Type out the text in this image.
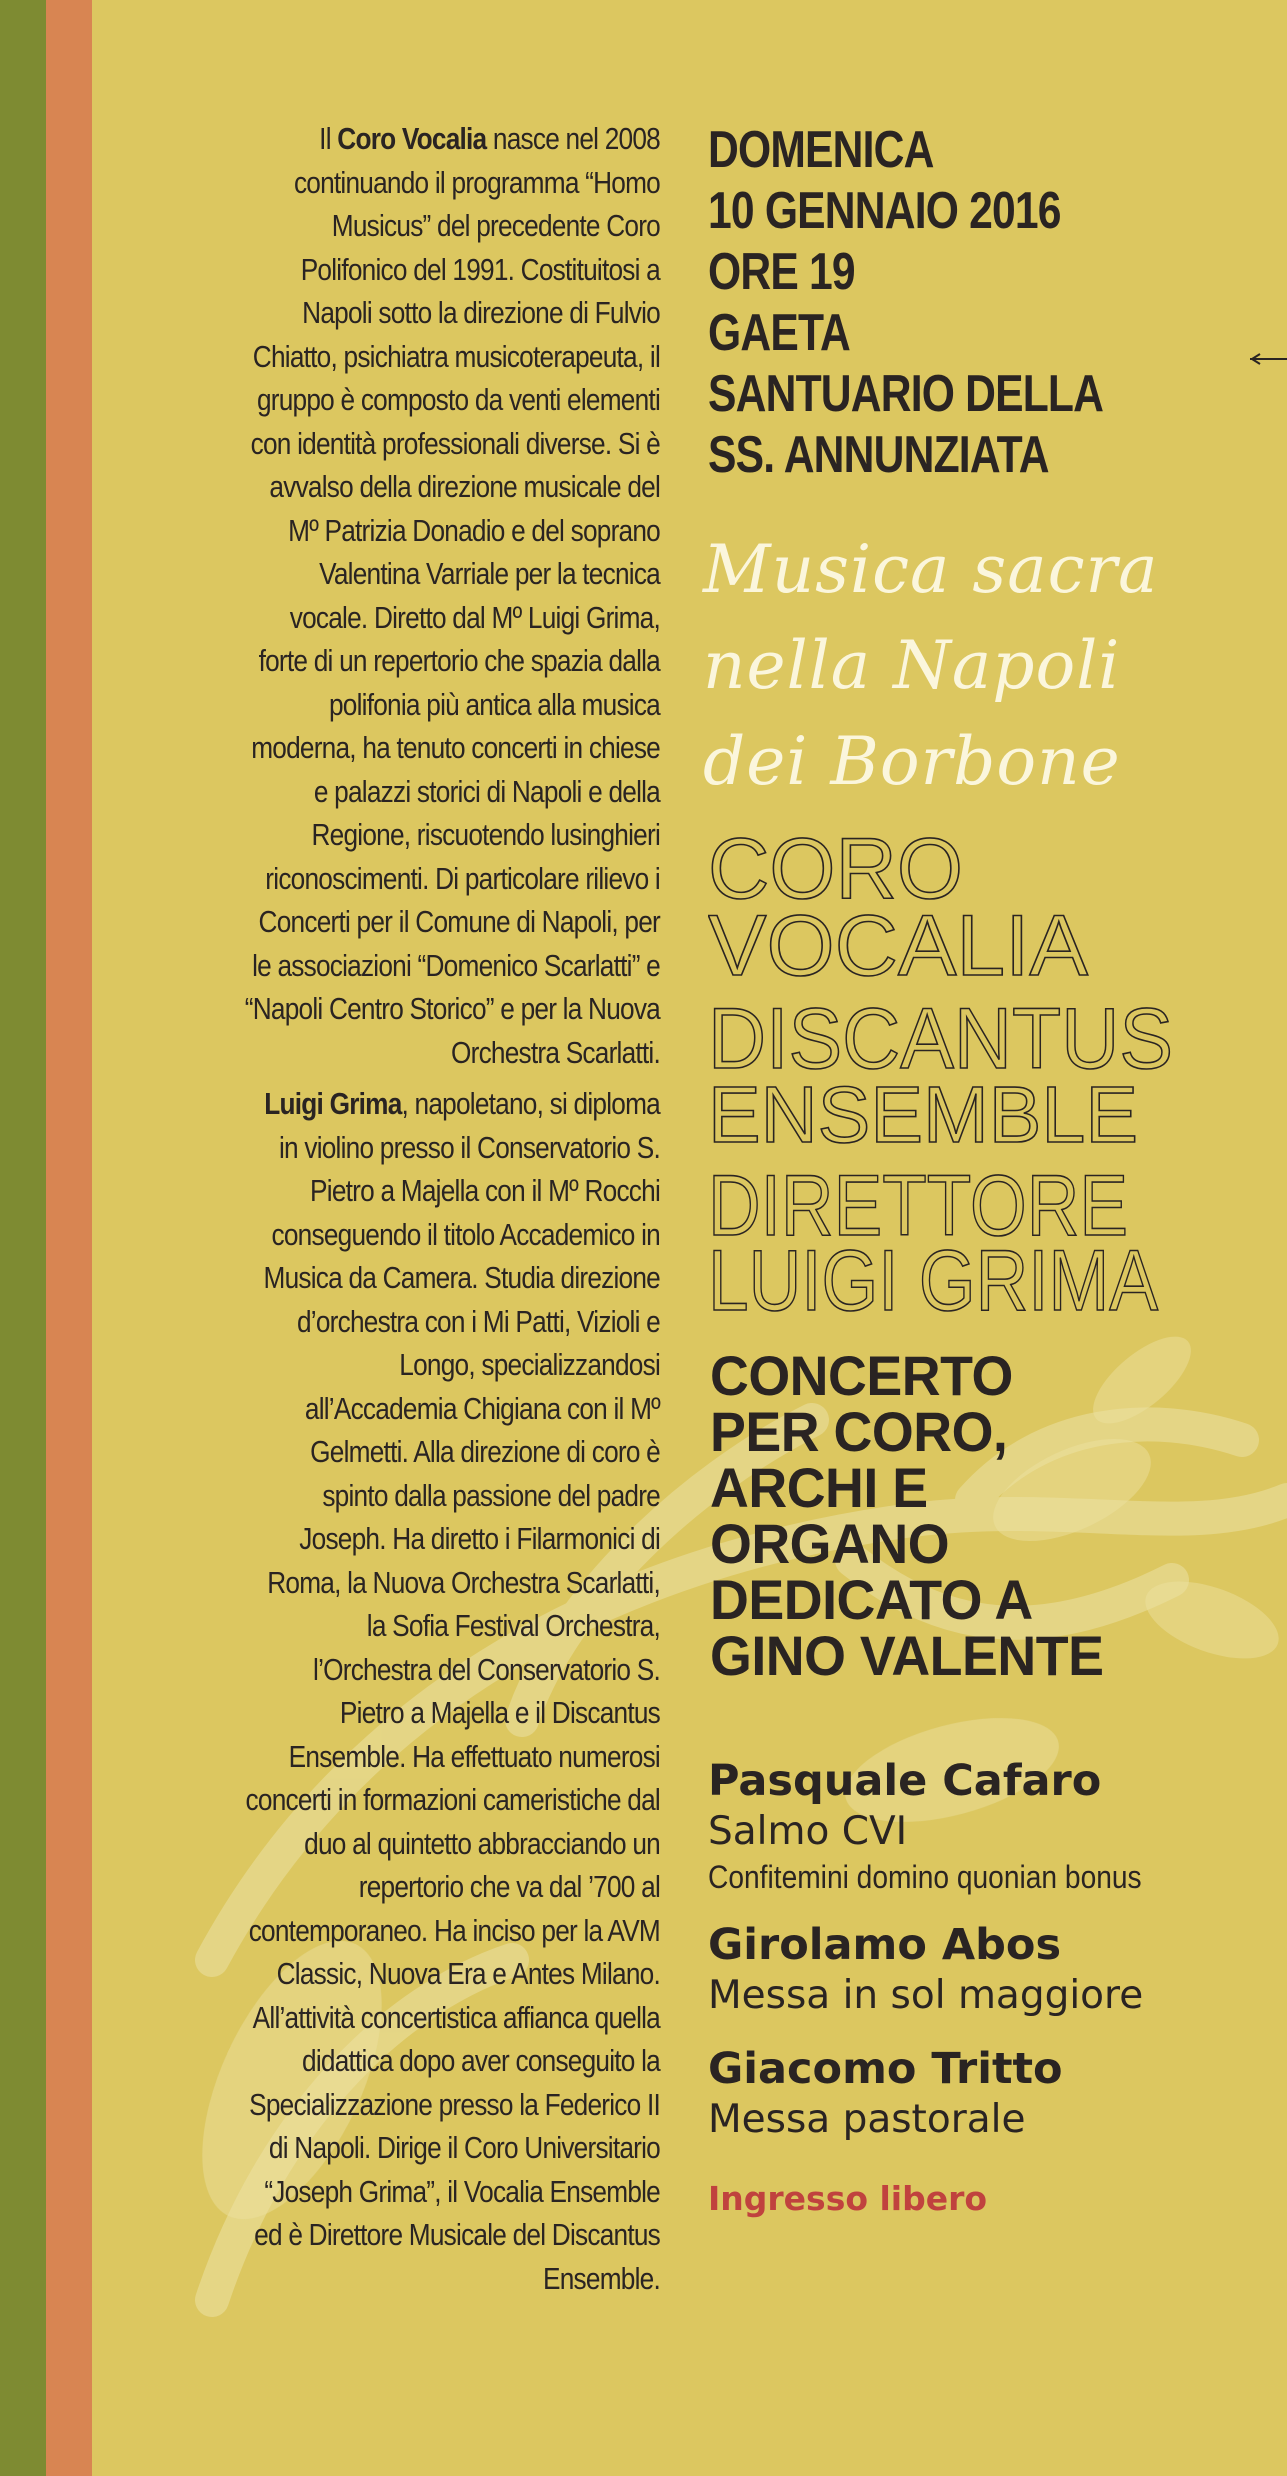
Il Coro Vocalia nasce nel 2008 continuando il programma “Homo Musicus” del precedente Coro Polifonico del 1991. Costituitosi a Napoli sotto la direzione di Fulvio Chiatto, psichiatra musicoterapeuta, il gruppo è composto da venti elementi con identità professionali diverse. Si è avvalso della direzione musicale del Mº Patrizia Donadio e del soprano Valentina Varriale per la tecnica vocale. Diretto dal Mº Luigi Grima, forte di un repertorio che spazia dalla polifonia più antica alla musica moderna, ha tenuto concerti in chiese e palazzi storici di Napoli e della Regione, riscuotendo lusinghieri riconoscimenti. Di particolare rilievo i Concerti per il Comune di Napoli, per le associazioni “Domenico Scarlatti” e “Napoli Centro Storico” e per la Nuova Orchestra Scarlatti.

Luigi Grima, napoletano, si diploma in violino presso il Conservatorio S. Pietro a Majella con il Mº Rocchi conseguendo il titolo Accademico in Musica da Camera. Studia direzione d’orchestra con i Mi Patti, Vizioli e Longo, specializzandosi all’Accademia Chigiana con il Mº Gelmetti. Alla direzione di coro è spinto dalla passione del padre Joseph. Ha diretto i Filarmonici di Roma, la Nuova Orchestra Scarlatti, la Sofia Festival Orchestra, l’Orchestra del Conservatorio S. Pietro a Majella e il Discantus Ensemble. Ha effettuato numerosi concerti in formazioni cameristiche dal duo al quintetto abbracciando un repertorio che va dal ’700 al contemporaneo. Ha inciso per la AVM Classic, Nuova Era e Antes Milano. All’attività concertistica affianca quella didattica dopo aver conseguito la Specializzazione presso la Federico II di Napoli. Dirige il Coro Universitario “Joseph Grima”, il Vocalia Ensemble ed è Direttore Musicale del Discantus Ensemble.

DOMENICA
10 GENNAIO 2016
ORE 19
GAETA
SANTUARIO DELLA
SS. ANNUNZIATA
Musica sacra
nella Napoli
dei Borbone
CORO
VOCALIA
DISCANTUS
ENSEMBLE
DIRETTORE
LUIGI GRIMA
CONCERTO
PER CORO,
ARCHI E
ORGANO
DEDICATO A
GINO VALENTE
Pasquale Cafaro
Salmo CVI
Confitemini domino quonian bonus
Girolamo Abos
Messa in sol maggiore
Giacomo Tritto
Messa pastorale
Ingresso libero
